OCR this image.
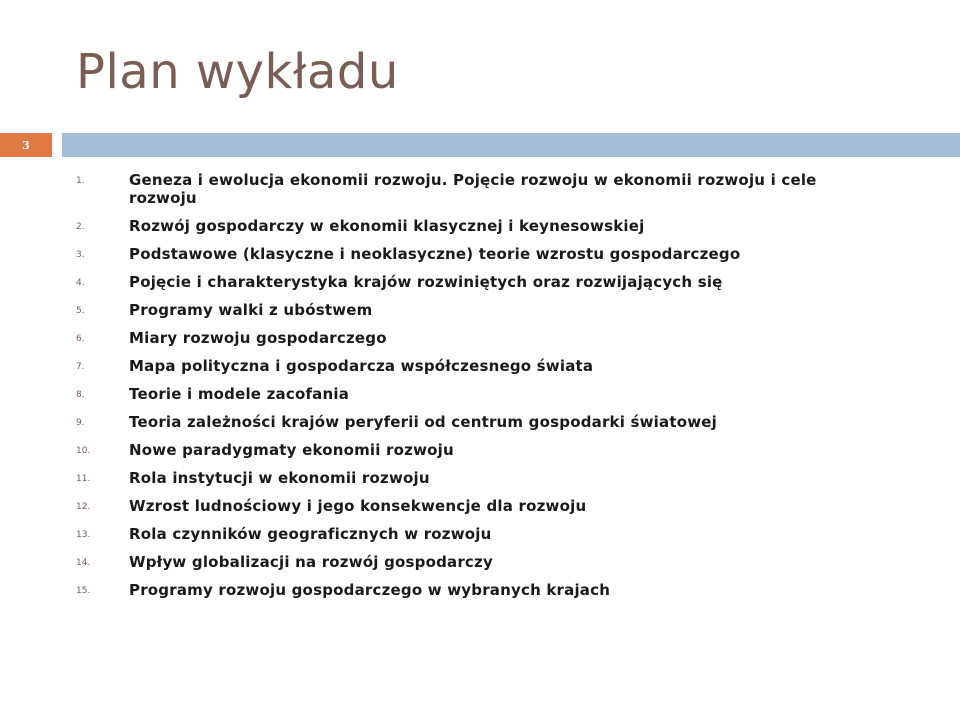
Plan wykładu
3
1.	Geneza i ewolucja ekonomii rozwoju. Pojęcie rozwoju w ekonomii rozwoju i cele rozwoju
2.	Rozwój gospodarczy w ekonomii klasycznej i keynesowskiej
3.	Podstawowe (klasyczne i neoklasyczne) teorie wzrostu gospodarczego
4.	Pojęcie i charakterystyka krajów rozwiniętych oraz rozwijających się
5.	Programy walki z ubóstwem
6.	Miary rozwoju gospodarczego
7.	Mapa polityczna i gospodarcza współczesnego świata
8.	Teorie i modele zacofania
9.	Teoria zależności krajów peryferii od centrum gospodarki światowej
10.	Nowe paradygmaty ekonomii rozwoju
11.	Rola instytucji w ekonomii rozwoju
12.	Wzrost ludnościowy i jego konsekwencje dla rozwoju
13.	Rola czynników geograficznych w rozwoju
14.	Wpływ globalizacji na rozwój gospodarczy
15.	Programy rozwoju gospodarczego w wybranych krajach
